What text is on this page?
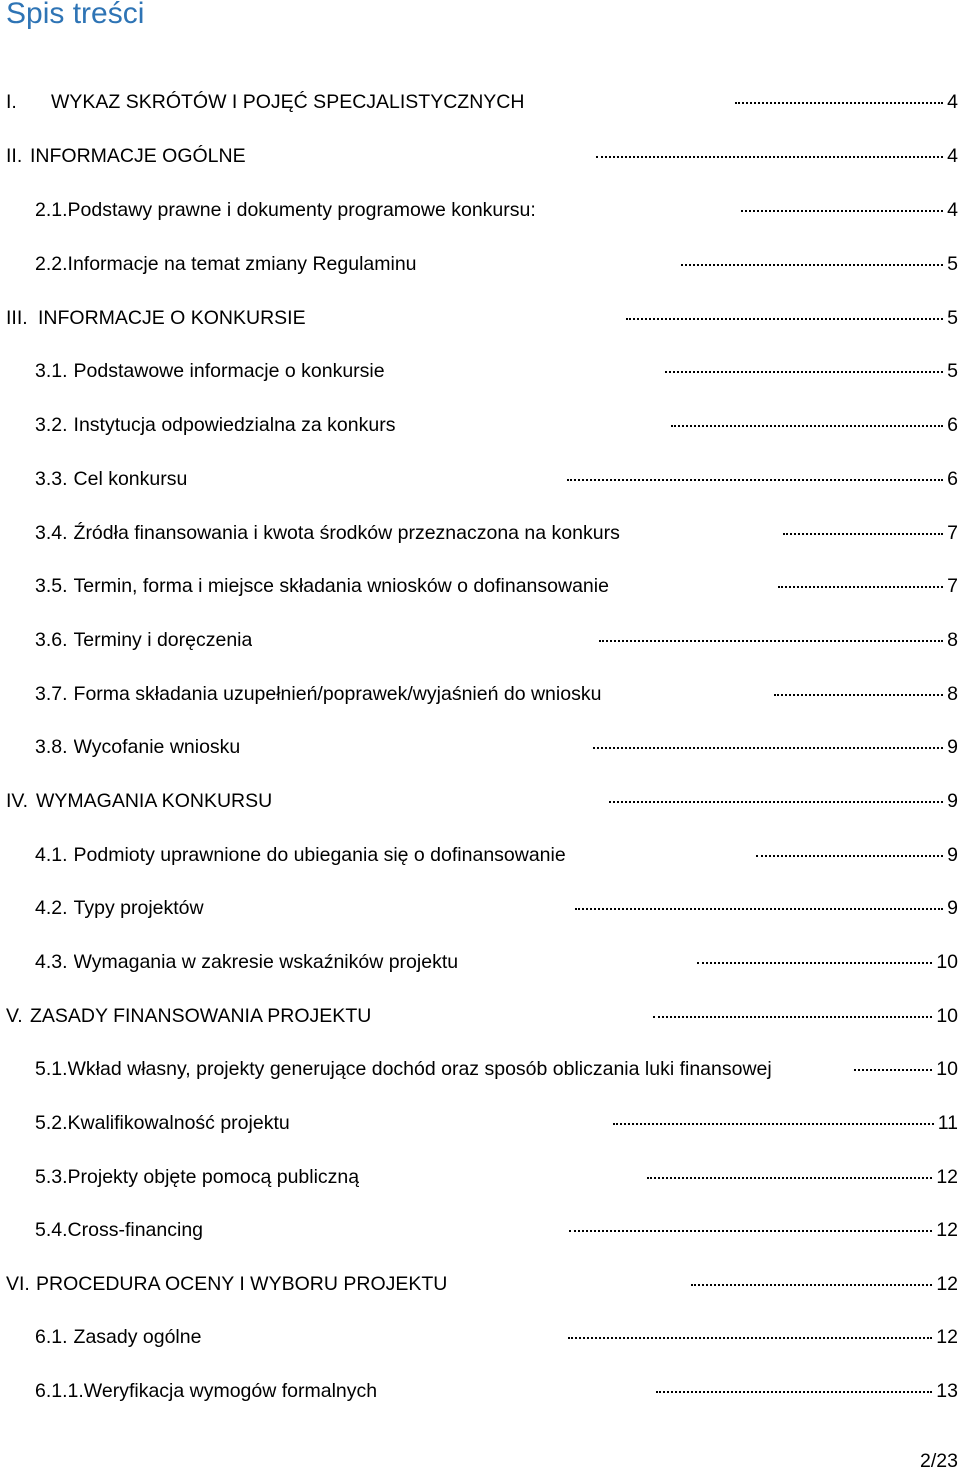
Spis treści
I.	WYKAZ SKRÓTÓW I POJĘĆ SPECJALISTYCZNYCH	4
II. INFORMACJE OGÓLNE	4
2.1. Podstawy prawne i dokumenty programowe konkursu:	4
2.2. Informacje na temat zmiany Regulaminu	5
III. INFORMACJE O KONKURSIE	5
3.1. Podstawowe informacje o konkursie	5
3.2. Instytucja odpowiedzialna za konkurs	6
3.3. Cel konkursu	6
3.4. Źródła finansowania i kwota środków przeznaczona na konkurs	7
3.5. Termin, forma i miejsce składania wniosków o dofinansowanie	7
3.6. Terminy i doręczenia	8
3.7. Forma składania uzupełnień/poprawek/wyjaśnień do wniosku	8
3.8. Wycofanie wniosku	9
IV. WYMAGANIA KONKURSU	9
4.1. Podmioty uprawnione do ubiegania się o dofinansowanie	9
4.2. Typy projektów	9
4.3. Wymagania w zakresie wskaźników projektu	10
V. ZASADY FINANSOWANIA PROJEKTU	10
5.1. Wkład własny, projekty generujące dochód oraz sposób obliczania luki finansowej	10
5.2. Kwalifikowalność projektu	11
5.3. Projekty objęte pomocą publiczną	12
5.4. Cross-financing	12
VI. PROCEDURA OCENY I WYBORU PROJEKTU	12
6.1. Zasady ogólne	12
6.1.1. Weryfikacja wymogów formalnych	13
2/23
